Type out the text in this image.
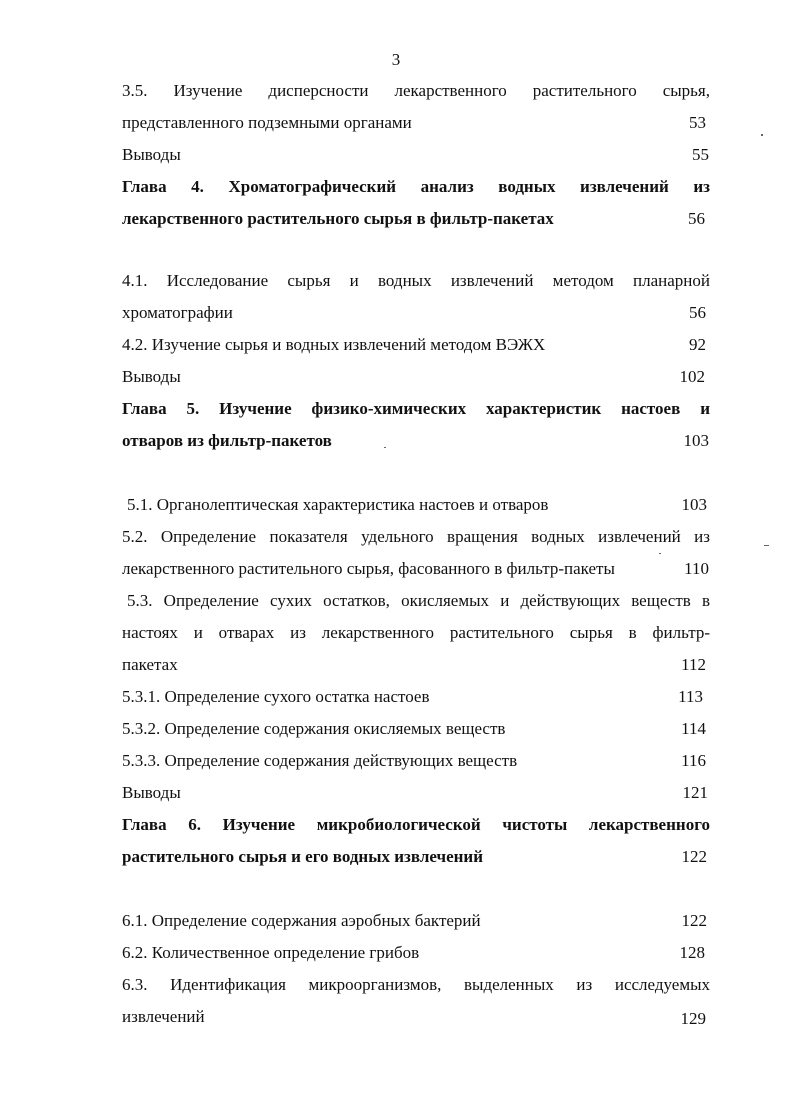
3
3.5. Изучение дисперсности лекарственного растительного сырья,
представленного подземными органами	53
Выводы	55
Глава 4. Хроматографический анализ водных извлечений из
лекарственного растительного сырья в фильтр-пакетах	56
4.1. Исследование сырья и водных извлечений методом планарной
хроматографии	56
4.2. Изучение сырья и водных извлечений методом ВЭЖХ	92
Выводы	102
Глава 5. Изучение физико-химических характеристик настоев и
отваров из фильтр-пакетов	103
5.1. Органолептическая характеристика настоев и отваров	103
5.2. Определение показателя удельного вращения водных извлечений из
лекарственного растительного сырья, фасованного в фильтр-пакеты	110
5.3. Определение сухих остатков, окисляемых и действующих веществ в
настоях и отварах из лекарственного растительного сырья в фильтр-
пакетах	112
5.3.1. Определение сухого остатка настоев	113
5.3.2. Определение содержания окисляемых веществ	114
5.3.3. Определение содержания действующих веществ	116
Выводы	121
Глава 6. Изучение микробиологической чистоты лекарственного
растительного сырья и его водных извлечений	122
6.1. Определение содержания аэробных бактерий	122
6.2. Количественное определение грибов	128
6.3. Идентификация микроорганизмов, выделенных из исследуемых
извлечений	129
